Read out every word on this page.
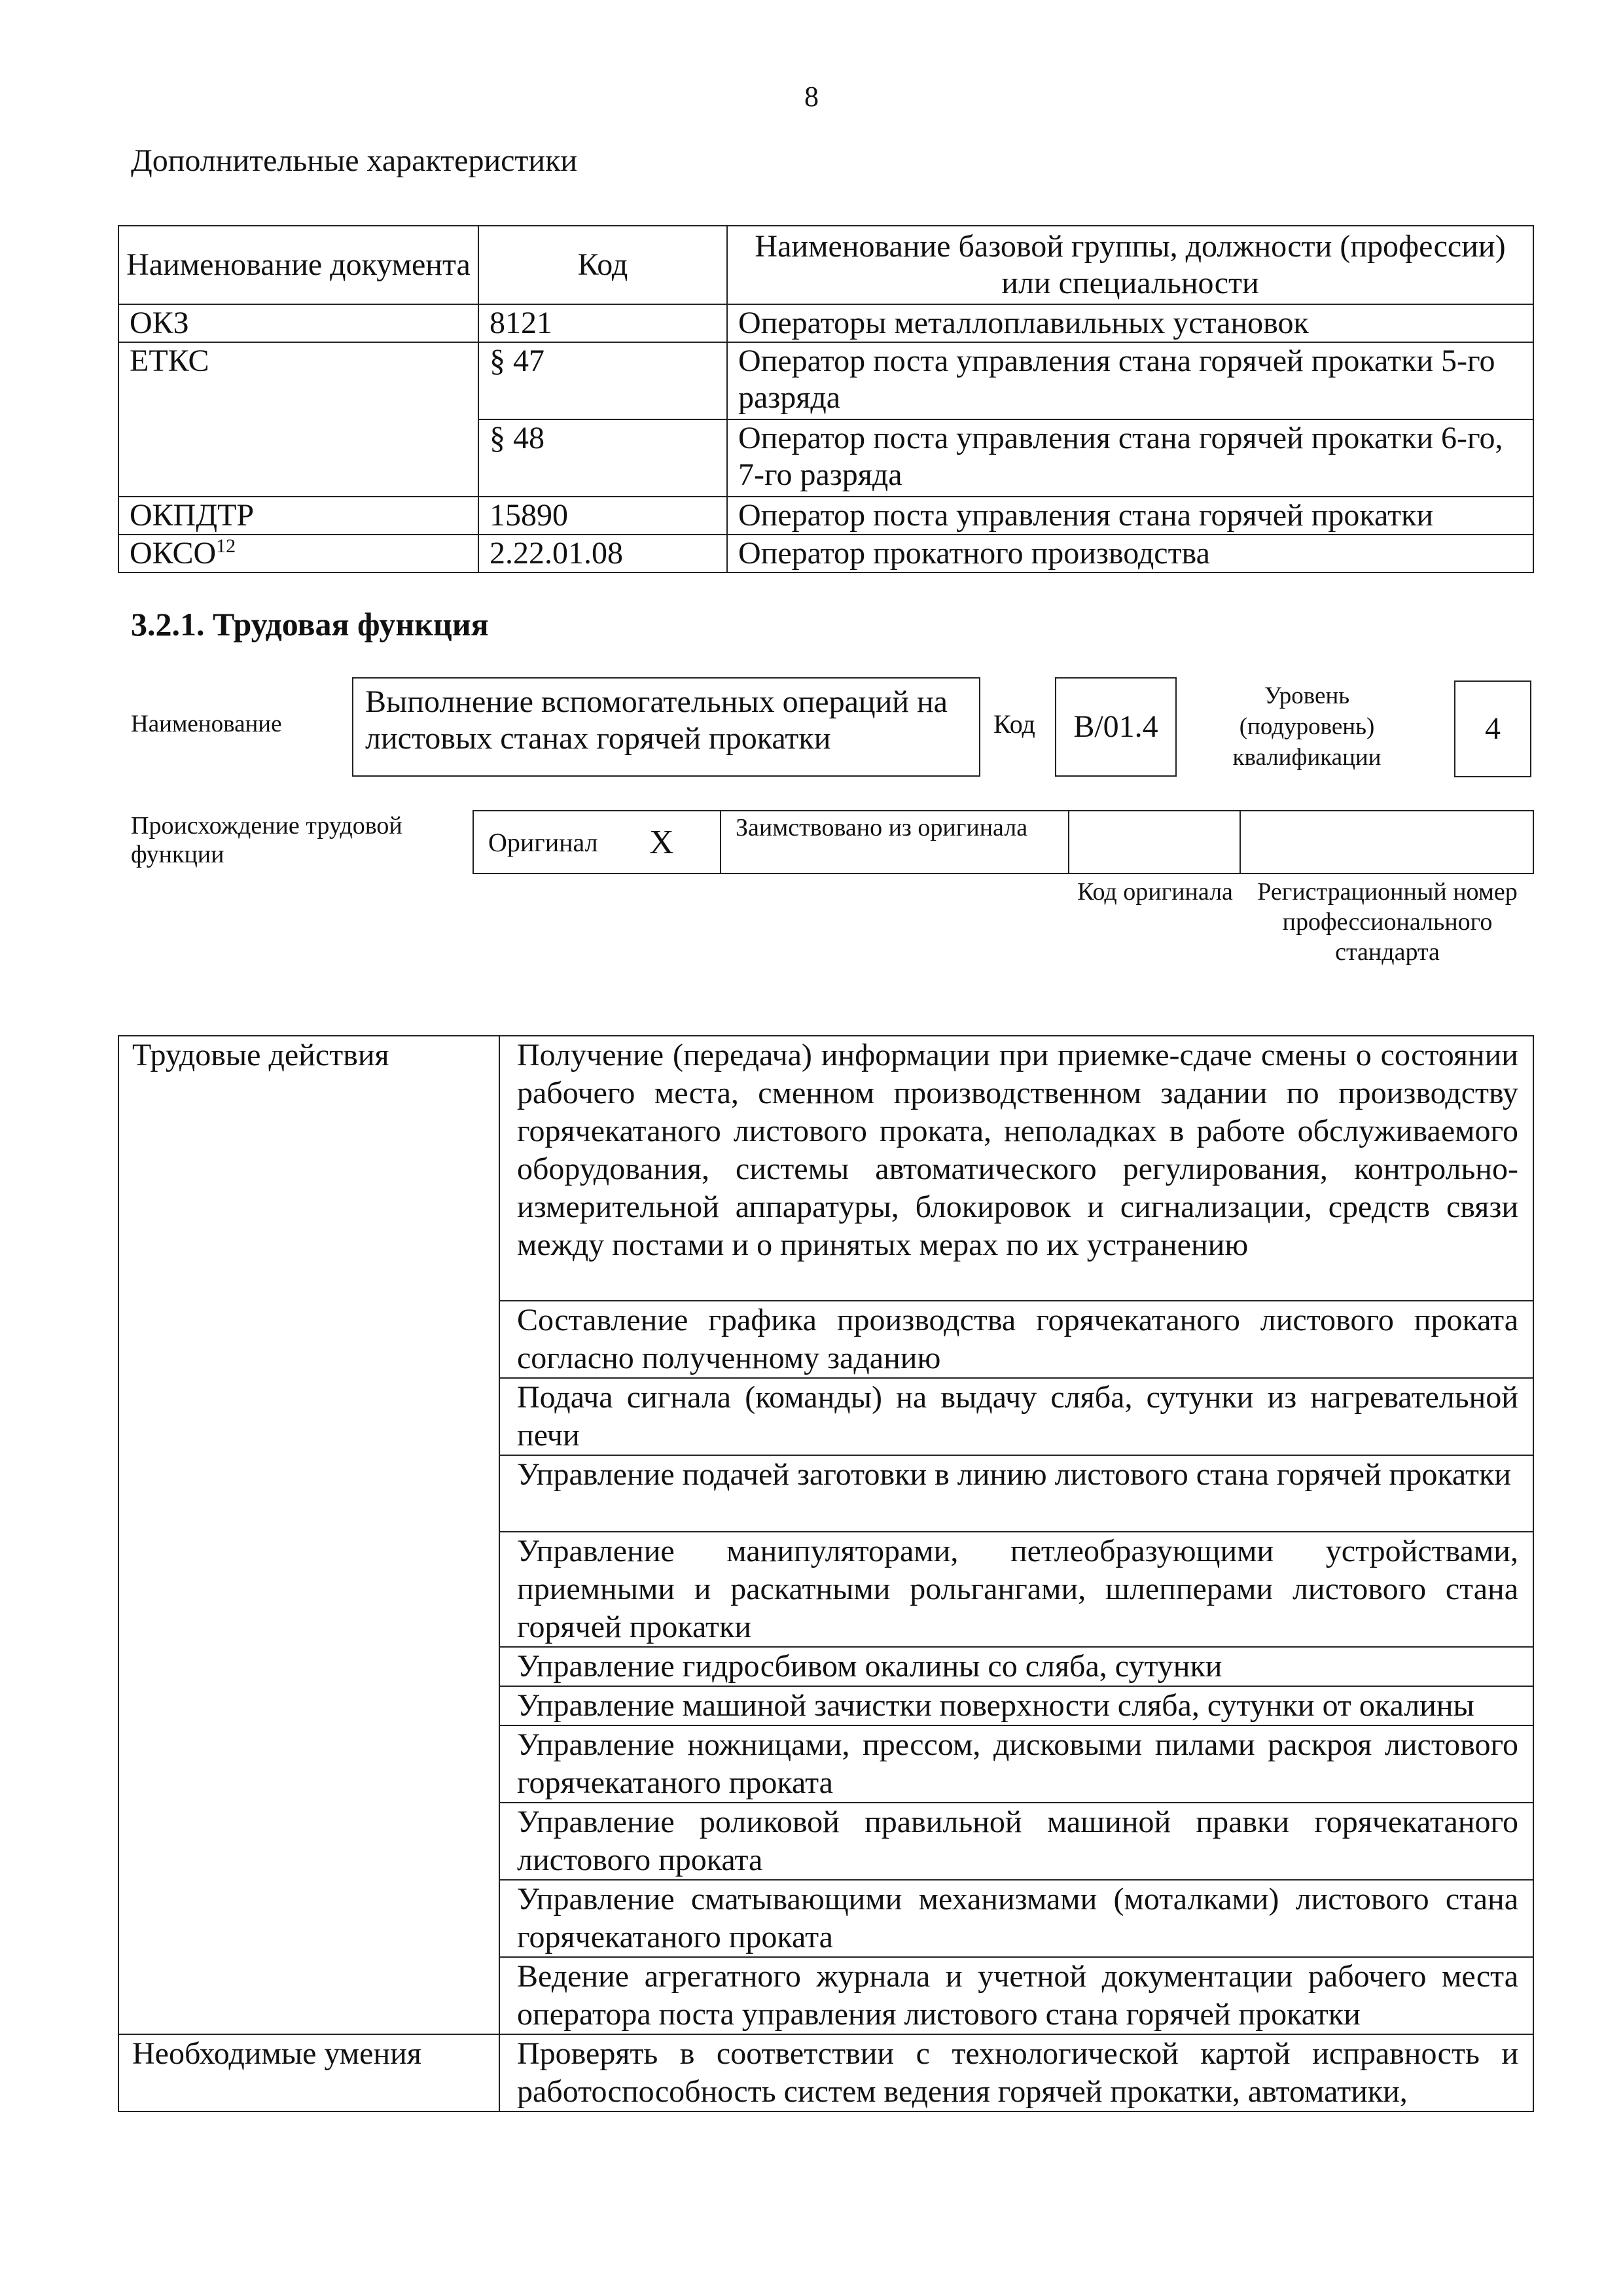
8
Дополнительные характеристики
Наименование документа	Код	Наименование базовой группы, должности (профессии) или специальности
ОКЗ	8121	Операторы металлоплавильных установок
ЕТКС	§ 47	Оператор поста управления стана горячей прокатки 5-го разряда
	§ 48	Оператор поста управления стана горячей прокатки 6-го, 7-го разряда
ОКПДТР	15890	Оператор поста управления стана горячей прокатки
ОКСО$^{12}$	2.22.01.08	Оператор прокатного производства
3.2.1. Трудовая функция
Наименование
Выполнение вспомогательных операций на листовых станах горячей прокатки	Код	B/01.4
Уровень (подуровень) квалификации
4
Происхождение трудовой функции	Оригинал X	Заимствовано из оригинала
Код оригинала Регистрационный номер профессионального стандарта
Трудовые действия	Получение (передача) информации при приемке-сдаче смены о состоянии рабочего места, сменном производственном задании по производству горячекатаного листового проката, неполадках в работе обслуживаемого оборудования, системы автоматического регулирования, контрольно-измерительной аппаратуры, блокировок и сигнализации, средств связи между постами и о принятых мерах по их устранению

	Составление графика производства горячекатаного листового проката согласно полученному заданию

	Подача сигнала (команды) на выдачу сляба, сутунки из нагревательной печи

	Управление подачей заготовки в линию листового стана горячей прокатки

	Управление манипуляторами, петлеобразующими устройствами, приемными и раскатными рольгангами, шлепперами листового стана горячей прокатки

	Управление гидросбивом окалины со сляба, сутунки

	Управление машиной зачистки поверхности сляба, сутунки от окалины

	Управление ножницами, прессом, дисковыми пилами раскроя листового горячекатаного проката

	Управление роликовой правильной машиной правки горячекатаного листового проката

	Управление сматывающими механизмами (моталками) листового стана горячекатаного проката

	Ведение агрегатного журнала и учетной документации рабочего места оператора поста управления листового стана горячей прокатки

Необходимые умения	Проверять в соответствии с технологической картой исправность и работоспособность систем ведения горячей прокатки, автоматики,
